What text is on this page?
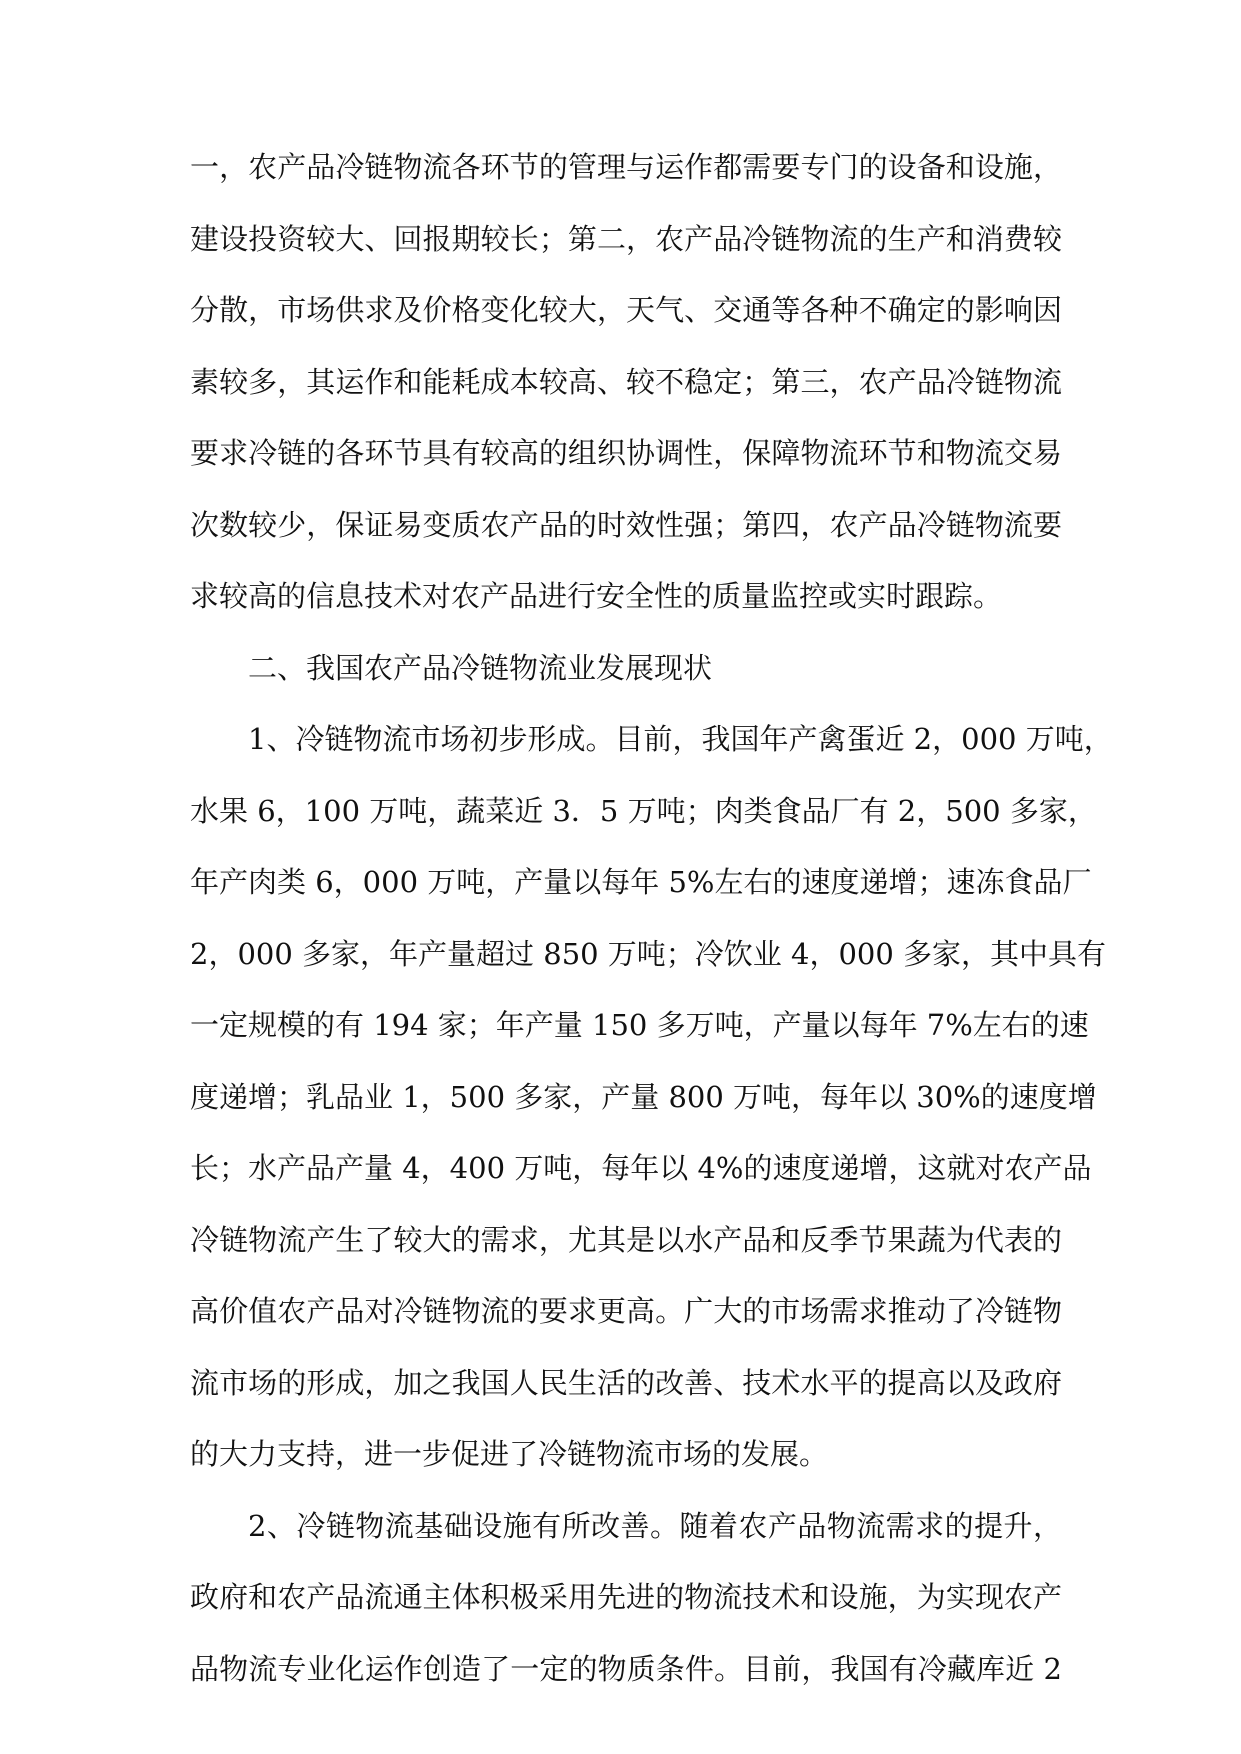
一，农产品冷链物流各环节的管理与运作都需要专门的设备和设施，
建设投资较大、回报期较长；第二，农产品冷链物流的生产和消费较
分散，市场供求及价格变化较大，天气、交通等各种不确定的影响因
素较多，其运作和能耗成本较高、较不稳定；第三，农产品冷链物流
要求冷链的各环节具有较高的组织协调性，保障物流环节和物流交易
次数较少，保证易变质农产品的时效性强；第四，农产品冷链物流要
求较高的信息技术对农产品进行安全性的质量监控或实时跟踪。
二、我国农产品冷链物流业发展现状
1、冷链物流市场初步形成。目前，我国年产禽蛋近 2，000 万吨，
水果 6，100 万吨，蔬菜近 3．5 万吨；肉类食品厂有 2，500 多家，
年产肉类 6，000 万吨，产量以每年 5%左右的速度递增；速冻食品厂
2，000 多家，年产量超过 850 万吨；冷饮业 4，000 多家，其中具有
一定规模的有 194 家；年产量 150 多万吨，产量以每年 7%左右的速
度递增；乳品业 1，500 多家，产量 800 万吨，每年以 30%的速度增
长；水产品产量 4，400 万吨，每年以 4%的速度递增，这就对农产品
冷链物流产生了较大的需求，尤其是以水产品和反季节果蔬为代表的
高价值农产品对冷链物流的要求更高。广大的市场需求推动了冷链物
流市场的形成，加之我国人民生活的改善、技术水平的提高以及政府
的大力支持，进一步促进了冷链物流市场的发展。
2、冷链物流基础设施有所改善。随着农产品物流需求的提升，
政府和农产品流通主体积极采用先进的物流技术和设施，为实现农产
品物流专业化运作创造了一定的物质条件。目前，我国有冷藏库近 2
